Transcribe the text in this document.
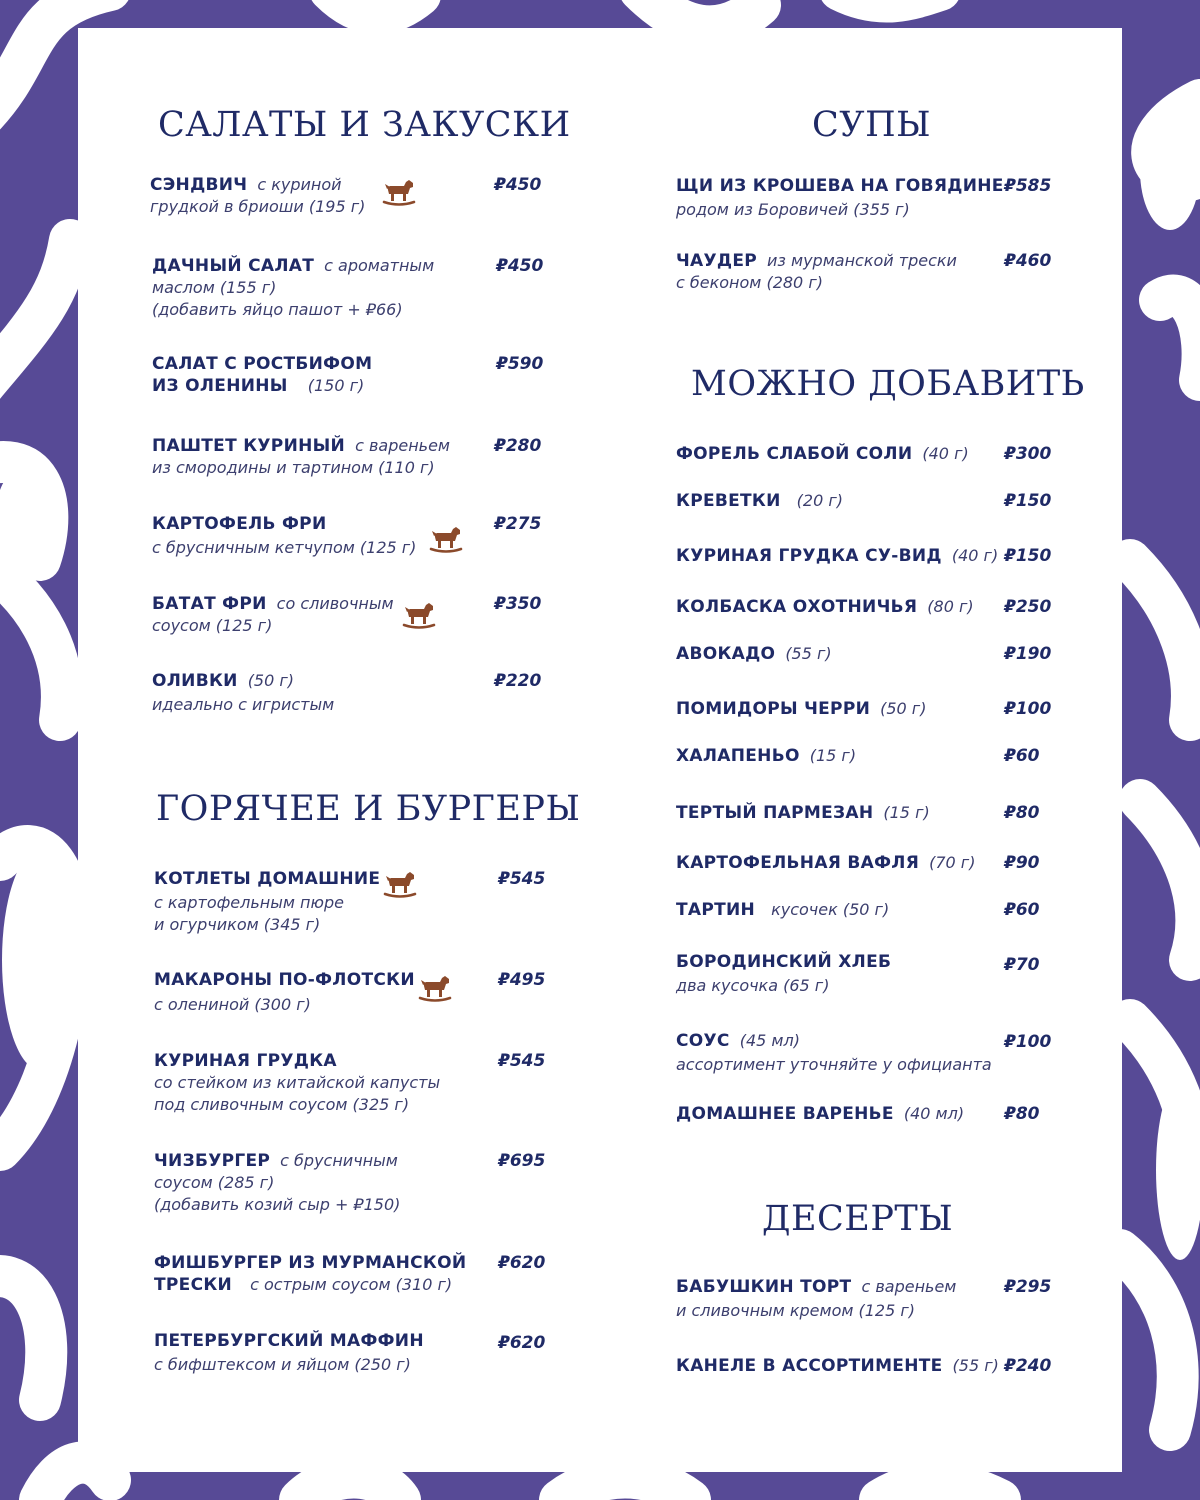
САЛАТЫ И ЗАКУСКИ
СЭНДВИЧ с куриной
грудкой в бриоши (195 г)
₽450
ДАЧНЫЙ САЛАТ с ароматным
маслом (155 г)
(добавить яйцо пашот + ₽66)
₽450
САЛАТ С РОСТБИФОМ
ИЗ ОЛЕНИНЫ (150 г)
₽590
ПАШТЕТ КУРИНЫЙ с вареньем
из смородины и тартином (110 г)
₽280
КАРТОФЕЛЬ ФРИ
с брусничным кетчупом (125 г)
₽275
БАТАТ ФРИ со сливочным
соусом (125 г)
₽350
ОЛИВКИ (50 г)
идеально с игристым
₽220
ГОРЯЧЕЕ И БУРГЕРЫ
КОТЛЕТЫ ДОМАШНИЕ
с картофельным пюре
и огурчиком (345 г)
₽545
МАКАРОНЫ ПО-ФЛОТСКИ
с олениной (300 г)
₽495
КУРИНАЯ ГРУДКА
со стейком из китайской капусты
под сливочным соусом (325 г)
₽545
ЧИЗБУРГЕР с брусничным
соусом (285 г)
(добавить козий сыр + ₽150)
₽695
ФИШБУРГЕР ИЗ МУРМАНСКОЙ
ТРЕСКИ с острым соусом (310 г)
₽620
ПЕТЕРБУРГСКИЙ МАФФИН
с бифштексом и яйцом (250 г)
₽620
СУПЫ
ЩИ ИЗ КРОШЕВА НА ГОВЯДИНЕ
родом из Боровичей (355 г)
₽585
ЧАУДЕР из мурманской трески
с беконом (280 г)
₽460
МОЖНО ДОБАВИТЬ
ФОРЕЛЬ СЛАБОЙ СОЛИ (40 г) ₽300
КРЕВЕТКИ (20 г)	₽150
КУРИНАЯ ГРУДКА СУ-ВИД (40 г) ₽150
КОЛБАСКА ОХОТНИЧЬЯ (80 г) ₽250
АВОКАДО (55 г)	₽190
ПОМИДОРЫ ЧЕРРИ (50 г)	₽100
ХАЛАПЕНЬО (15 г)	₽60
ТЕРТЫЙ ПАРМЕЗАН (15 г)	₽80
КАРТОФЕЛЬНАЯ ВАФЛЯ (70 г) ₽90
ТАРТИН кусочек (50 г)	₽60
БОРОДИНСКИЙ ХЛЕБ
два кусочка (65 г)
₽70
СОУС (45 мл)
ассортимент уточняйте у официанта
₽100
ДОМАШНЕЕ ВАРЕНЬЕ (40 мл) ₽80
ДЕСЕРТЫ
БАБУШКИН ТОРТ с вареньем
и сливочным кремом (125 г)
₽295
КАНЕЛЕ В АССОРТИМЕНТЕ (55 г) ₽240
